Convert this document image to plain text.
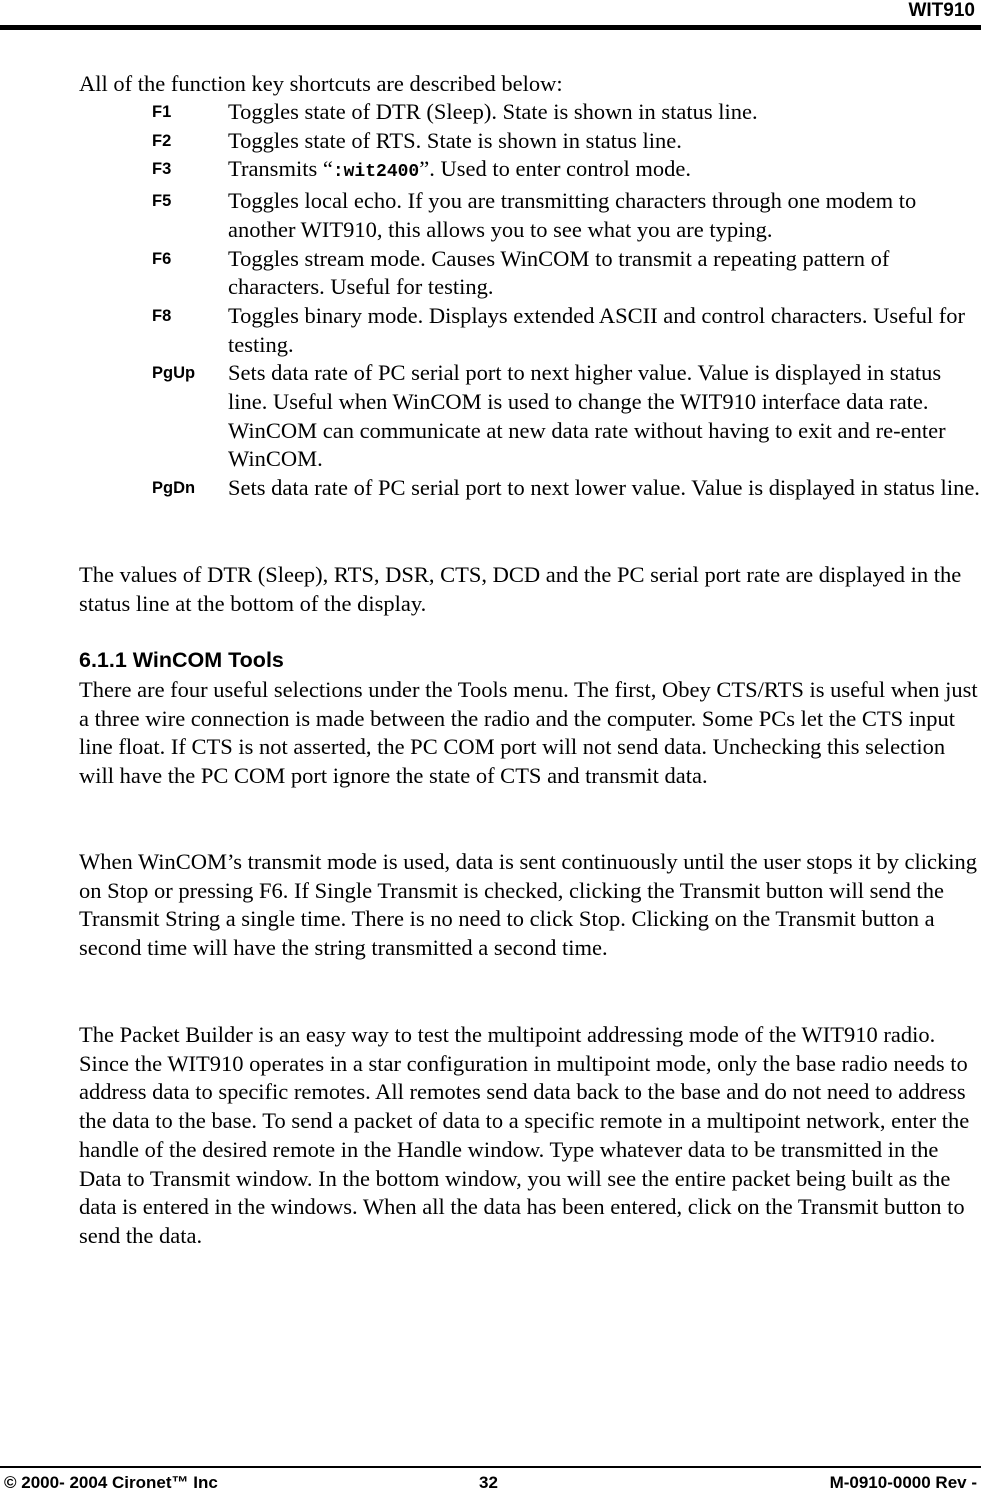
WIT910
All of the function key shortcuts are described below:
F1	Toggles state of DTR (Sleep). State is shown in status line.
F2	Toggles state of RTS. State is shown in status line.
F3	Transmits “:wit2400”. Used to enter control mode.
F5	Toggles local echo. If you are transmitting characters through one modem to another WIT910, this allows you to see what you are typing.
F6	Toggles stream mode. Causes WinCOM to transmit a repeating pattern of characters. Useful for testing.
F8	Toggles binary mode. Displays extended ASCII and control characters. Useful for testing.
PgUp	Sets data rate of PC serial port to next higher value. Value is displayed in status line. Useful when WinCOM is used to change the WIT910 interface data rate. WinCOM can communicate at new data rate without having to exit and re-enter WinCOM.
PgDn	Sets data rate of PC serial port to next lower value. Value is displayed in status line.
The values of DTR (Sleep), RTS, DSR, CTS, DCD and the PC serial port rate are displayed in the status line at the bottom of the display.
6.1.1 WinCOM Tools
There are four useful selections under the Tools menu. The first, Obey CTS/RTS is useful when just a three wire connection is made between the radio and the computer. Some PCs let the CTS input line float. If CTS is not asserted, the PC COM port will not send data. Unchecking this selection will have the PC COM port ignore the state of CTS and transmit data.
When WinCOM’s transmit mode is used, data is sent continuously until the user stops it by clicking on Stop or pressing F6. If Single Transmit is checked, clicking the Transmit button will send the Transmit String a single time. There is no need to click Stop. Clicking on the Transmit button a second time will have the string transmitted a second time.
The Packet Builder is an easy way to test the multipoint addressing mode of the WIT910 radio. Since the WIT910 operates in a star configuration in multipoint mode, only the base radio needs to address data to specific remotes. All remotes send data back to the base and do not need to address the data to the base. To send a packet of data to a specific remote in a multipoint network, enter the handle of the desired remote in the Handle window. Type whatever data to be transmitted in the Data to Transmit window. In the bottom window, you will see the entire packet being built as the data is entered in the windows. When all the data has been entered, click on the Transmit button to send the data.
© 2000- 2004 Cironet™ Inc	32	M-0910-0000 Rev -
